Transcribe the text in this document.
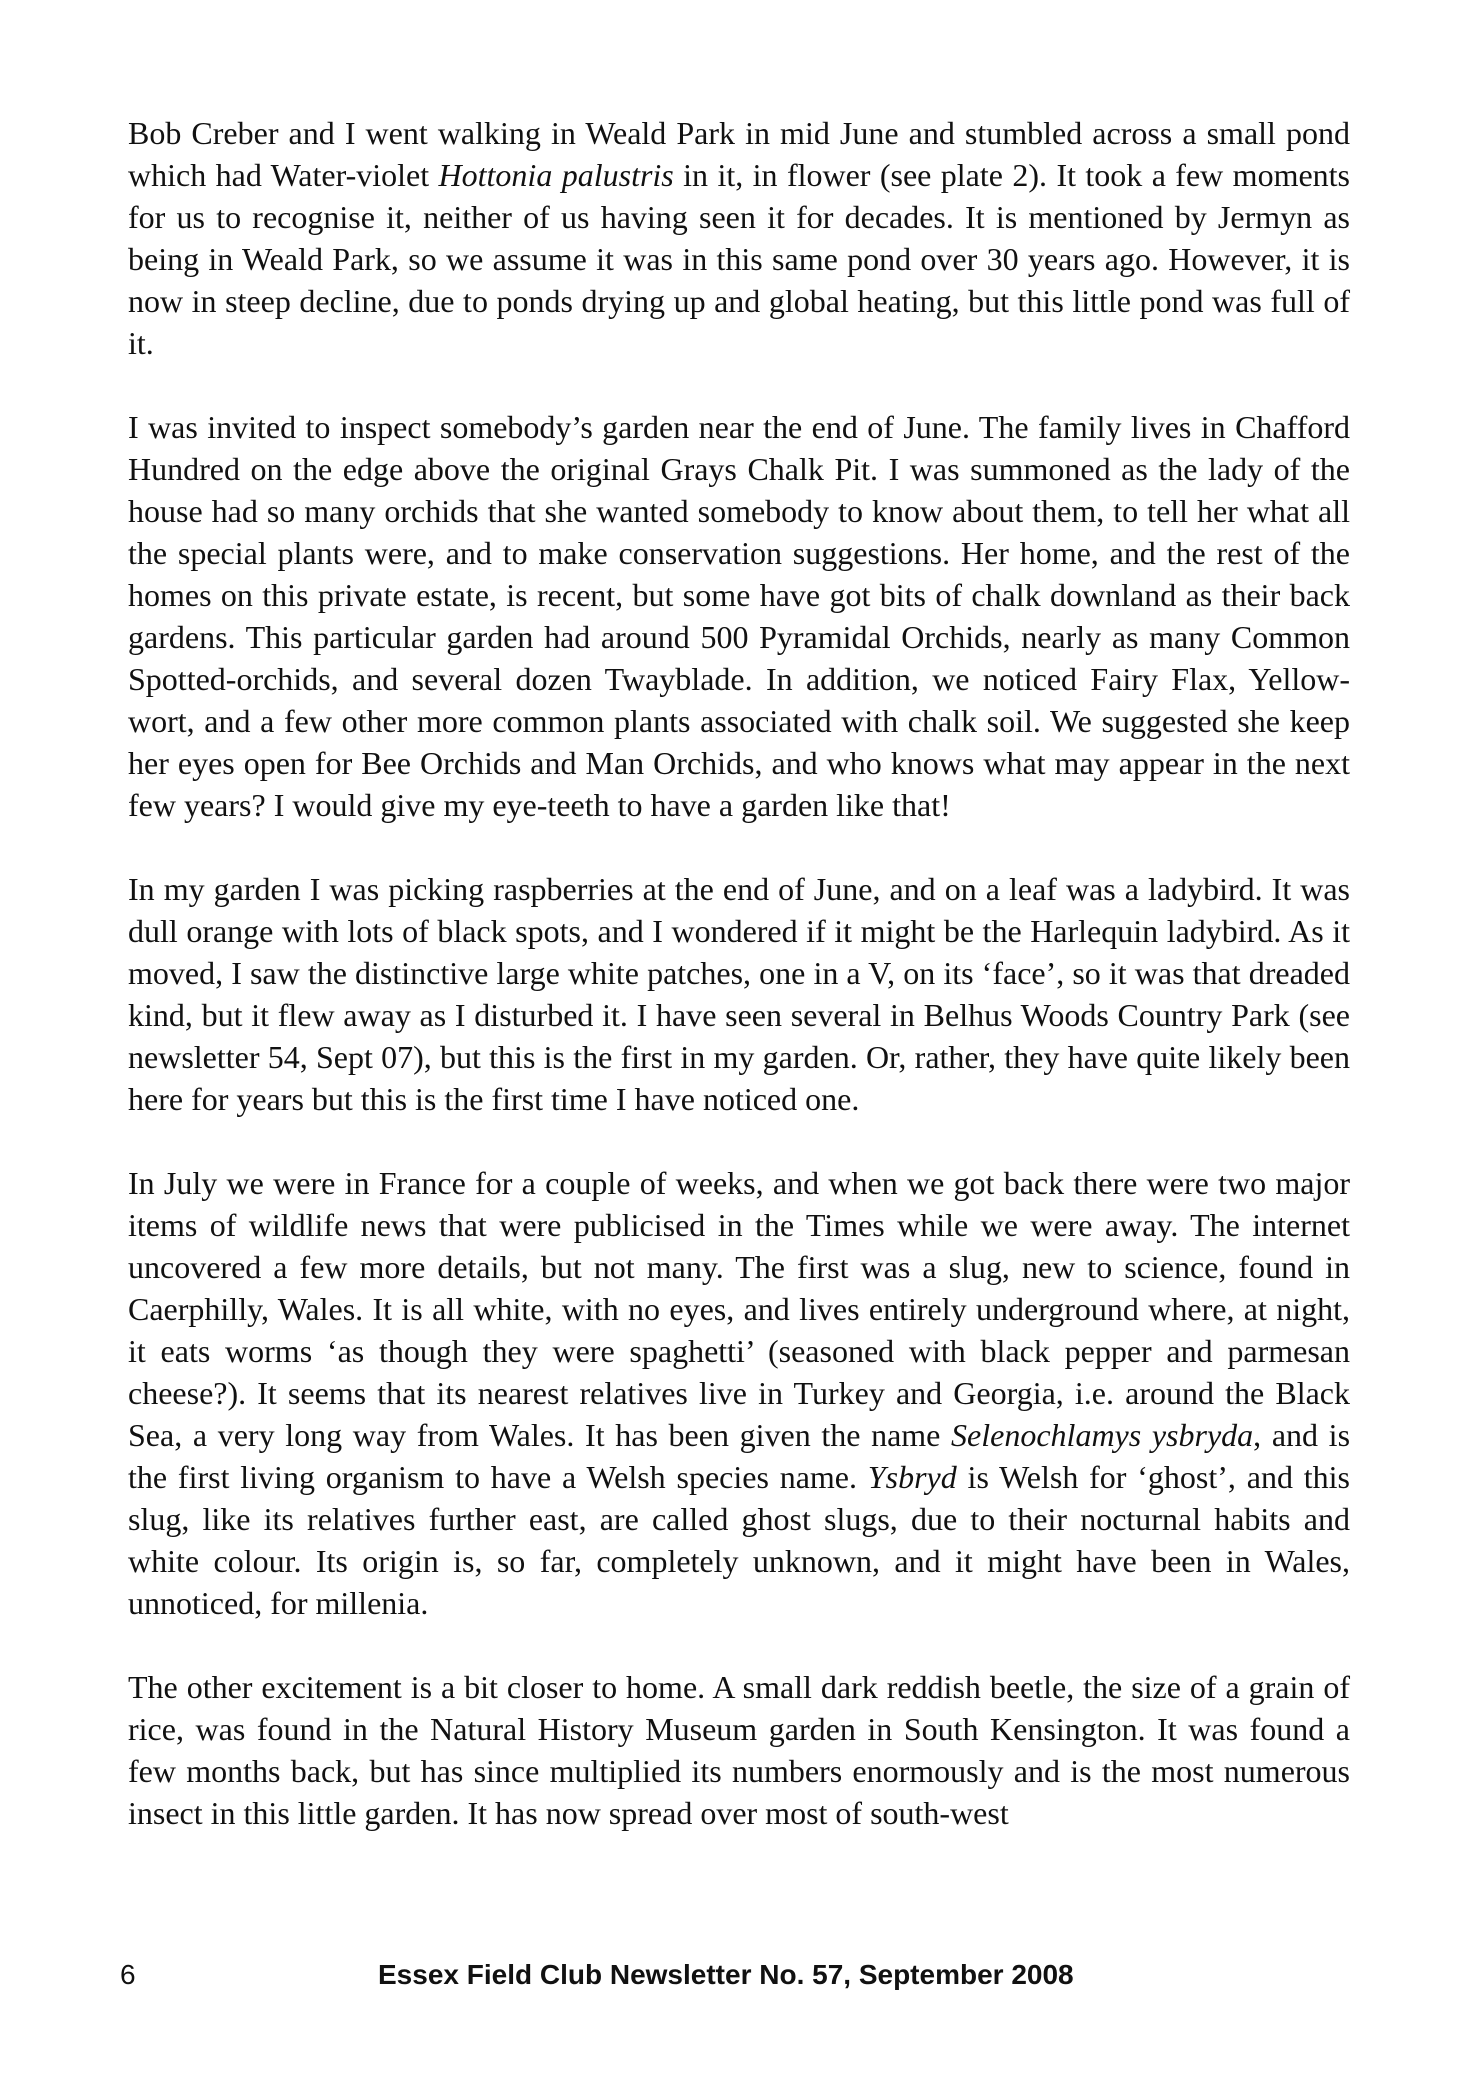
Bob Creber and I went walking in Weald Park in mid June and stumbled across a small pond which had Water-violet Hottonia palustris in it, in flower (see plate 2). It took a few moments for us to recognise it, neither of us having seen it for decades. It is mentioned by Jermyn as being in Weald Park, so we assume it was in this same pond over 30 years ago. However, it is now in steep decline, due to ponds drying up and global heating, but this little pond was full of it.

I was invited to inspect somebody’s garden near the end of June. The family lives in Chafford Hundred on the edge above the original Grays Chalk Pit. I was summoned as the lady of the house had so many orchids that she wanted somebody to know about them, to tell her what all the special plants were, and to make conservation suggestions. Her home, and the rest of the homes on this private estate, is recent, but some have got bits of chalk downland as their back gardens. This particular garden had around 500 Pyramidal Orchids, nearly as many Common Spotted-orchids, and several dozen Twayblade. In addition, we noticed Fairy Flax, Yellow-wort, and a few other more common plants associated with chalk soil. We suggested she keep her eyes open for Bee Orchids and Man Orchids, and who knows what may appear in the next few years? I would give my eye-teeth to have a garden like that!

In my garden I was picking raspberries at the end of June, and on a leaf was a ladybird. It was dull orange with lots of black spots, and I wondered if it might be the Harlequin ladybird. As it moved, I saw the distinctive large white patches, one in a V, on its ‘face’, so it was that dreaded kind, but it flew away as I disturbed it. I have seen several in Belhus Woods Country Park (see newsletter 54, Sept 07), but this is the first in my garden. Or, rather, they have quite likely been here for years but this is the first time I have noticed one.

In July we were in France for a couple of weeks, and when we got back there were two major items of wildlife news that were publicised in the Times while we were away. The internet uncovered a few more details, but not many. The first was a slug, new to science, found in Caerphilly, Wales. It is all white, with no eyes, and lives entirely underground where, at night, it eats worms ‘as though they were spaghetti’ (seasoned with black pepper and parmesan cheese?). It seems that its nearest relatives live in Turkey and Georgia, i.e. around the Black Sea, a very long way from Wales. It has been given the name Selenochlamys ysbryda, and is the first living organism to have a Welsh species name. Ysbryd is Welsh for ‘ghost’, and this slug, like its relatives further east, are called ghost slugs, due to their nocturnal habits and white colour. Its origin is, so far, completely unknown, and it might have been in Wales, unnoticed, for millenia.

The other excitement is a bit closer to home. A small dark reddish beetle, the size of a grain of rice, was found in the Natural History Museum garden in South Kensington. It was found a few months back, but has since multiplied its numbers enormously and is the most numerous insect in this little garden. It has now spread over most of south-west

6	Essex Field Club Newsletter No. 57, September 2008
